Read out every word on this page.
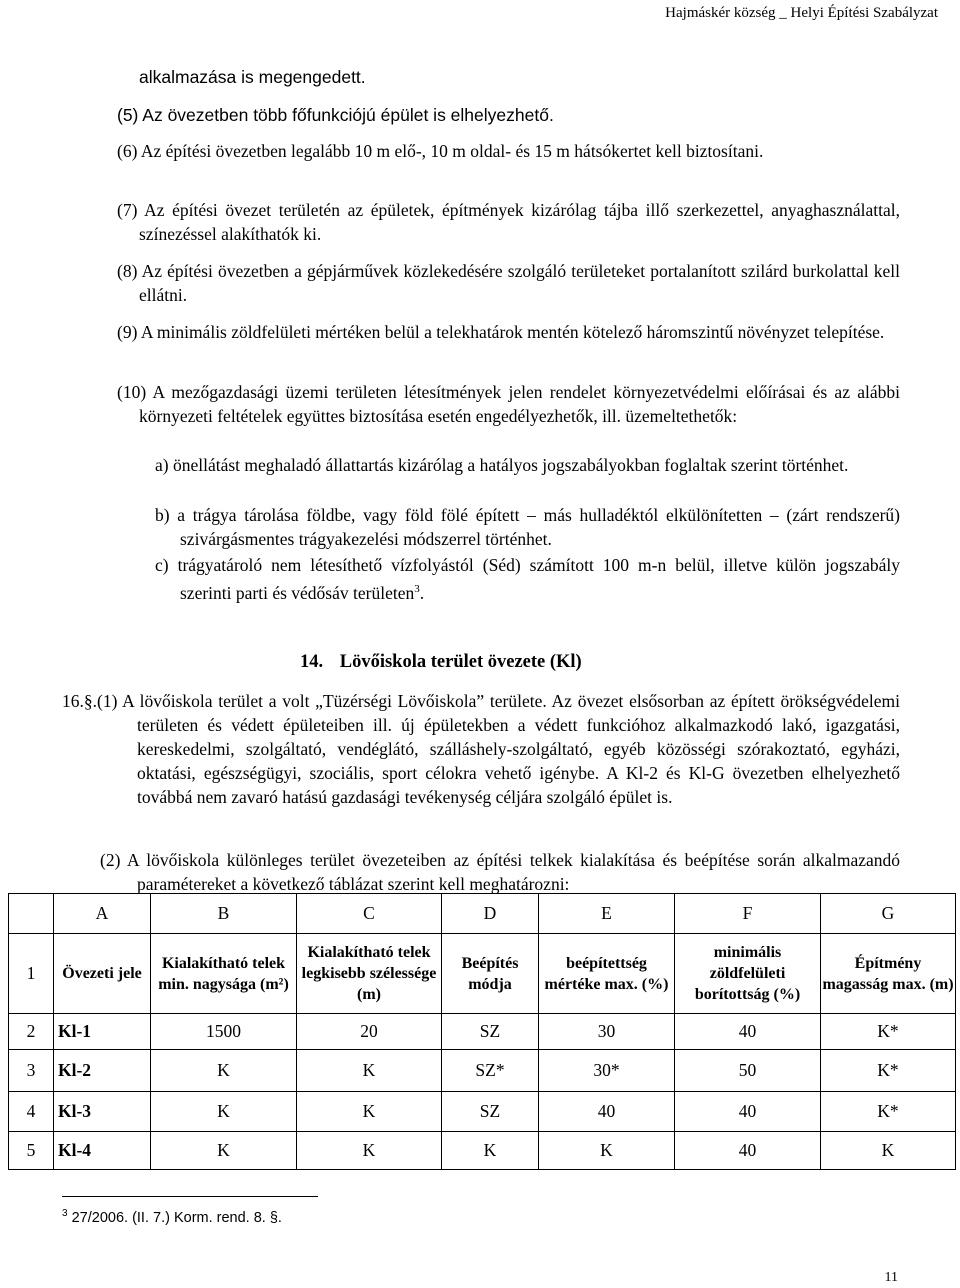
Hajmáskér község _ Helyi Építési Szabályzat
alkalmazása is megengedett.
(5) Az övezetben több főfunkciójú épület is elhelyezhető.
(6) Az építési övezetben legalább 10 m elő-, 10 m oldal- és 15 m hátsókertet kell biztosítani.
(7) Az építési övezet területén az épületek, építmények kizárólag tájba illő szerkezettel, anyaghasználattal, színezéssel alakíthatók ki.
(8) Az építési övezetben a gépjárművek közlekedésére szolgáló területeket portalanított szilárd burkolattal kell ellátni.
(9) A minimális zöldfelületi mértéken belül a telekhatárok mentén kötelező háromszintű növényzet telepítése.
(10) A mezőgazdasági üzemi területen létesítmények jelen rendelet környezetvédelmi előírásai és az alábbi környezeti feltételek együttes biztosítása esetén engedélyezhetők, ill. üzemeltethetők:
a) önellátást meghaladó állattartás kizárólag a hatályos jogszabályokban foglaltak szerint történhet.
b) a trágya tárolása földbe, vagy föld fölé épített – más hulladéktól elkülönítetten – (zárt rendszerű) szivárgásmentes trágyakezelési módszerrel történhet.
c) trágyatároló nem létesíthető vízfolyástól (Séd) számított 100 m-n belül, illetve külön jogszabály szerinti parti és védősáv területen$^3$.
14. Lövőiskola terület övezete (Kl)
16.§.(1) A lövőiskola terület a volt „Tüzérségi Lövőiskola” területe. Az övezet elsősorban az épített örökségvédelemi területen és védett épületeiben ill. új épületekben a védett funkcióhoz alkalmazkodó lakó, igazgatási, kereskedelmi, szolgáltató, vendéglátó, szálláshely-szolgáltató, egyéb közösségi szórakoztató, egyházi, oktatási, egészségügyi, szociális, sport célokra vehető igénybe. A Kl-2 és Kl-G övezetben elhelyezhető továbbá nem zavaró hatású gazdasági tevékenység céljára szolgáló épület is.
(2) A lövőiskola különleges terület övezeteiben az építési telkek kialakítása és beépítése során alkalmazandó paramétereket a következő táblázat szerint kell meghatározni:
	A	B	C	D	E	F	G
1	Övezeti jele	Kialakítható telek min. nagysága (m²)	Kialakítható telek legkisebb szélessége (m)	Beépítés módja	beépítettség mértéke max. (%)	minimális zöldfelületi borítottság (%)	Építmény magasság max. (m)
2	Kl-1	1500	20	SZ	30	40	K*
3	Kl-2	K	K	SZ*	30*	50	K*
4	Kl-3	K	K	SZ	40	40	K*
5	Kl-4	K	K	K	K	40	K
$^3$ 27/2006. (II. 7.) Korm. rend. 8. §.
11
